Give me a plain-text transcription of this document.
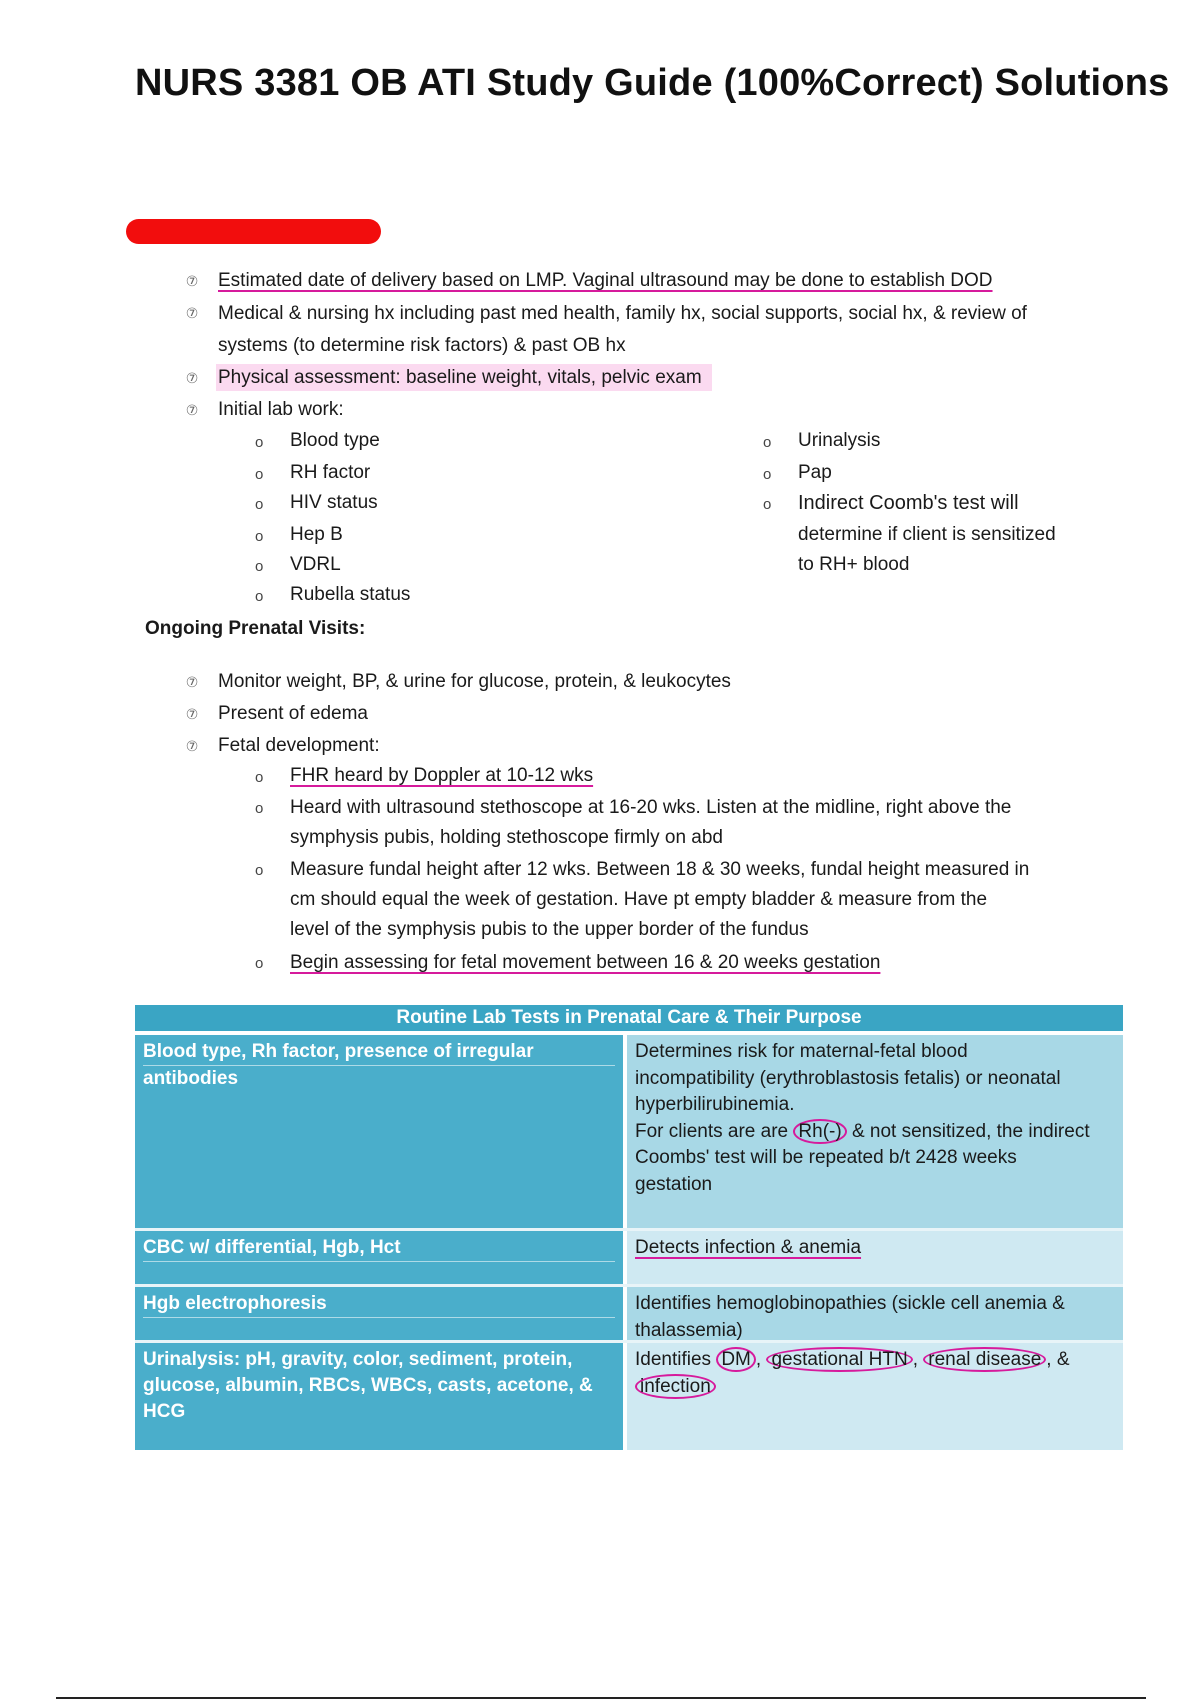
NURS 3381 OB ATI Study Guide (100%Correct) Solutions
⑦ Estimated date of delivery based on LMP. Vaginal ultrasound may be done to establish DOD
⑦ Medical & nursing hx including past med health, family hx, social supports, social hx, & review of
systems (to determine risk factors) & past OB hx
⑦ Physical assessment: baseline weight, vitals, pelvic exam
⑦ Initial lab work:
o Blood type
o RH factor
o HIV status
o Hep B
o VDRL
o Rubella status
o Urinalysis
o Pap
o Indirect Coomb's test will
determine if client is sensitized
to RH+ blood
Ongoing Prenatal Visits:
⑦ Monitor weight, BP, & urine for glucose, protein, & leukocytes
⑦ Present of edema
⑦ Fetal development:
o FHR heard by Doppler at 10-12 wks
o Heard with ultrasound stethoscope at 16-20 wks. Listen at the midline, right above the
symphysis pubis, holding stethoscope firmly on abd
o Measure fundal height after 12 wks. Between 18 & 30 weeks, fundal height measured in
cm should equal the week of gestation. Have pt empty bladder & measure from the
level of the symphysis pubis to the upper border of the fundus
o Begin assessing for fetal movement between 16 & 20 weeks gestation
Routine Lab Tests in Prenatal Care & Their Purpose
Blood type, Rh factor, presence of irregular
antibodies
Determines risk for maternal-fetal blood
incompatibility (erythroblastosis fetalis) or neonatal
hyperbilirubinemia.
For clients are are Rh(-) & not sensitized, the indirect
Coombs' test will be repeated b/t 2428 weeks
gestation
CBC w/ differential, Hgb, Hct	Detects infection & anemia
Hgb electrophoresis	Identifies hemoglobinopathies (sickle cell anemia &
thalassemia)
Urinalysis: pH, gravity, color, sediment, protein,
glucose, albumin, RBCs, WBCs, casts, acetone, &
HCG
Identifies DM , gestational HTN , renal disease , &
infection
